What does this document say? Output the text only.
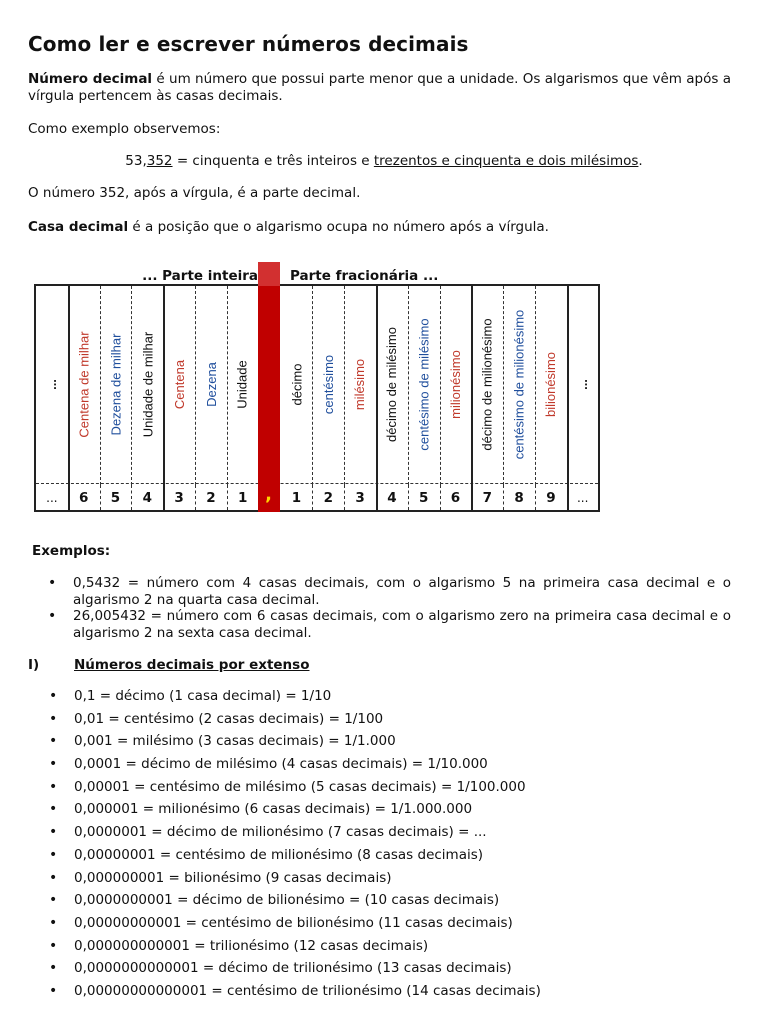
Como ler e escrever números decimais

Número decimal é um número que possui parte menor que a unidade. Os algarismos que vêm após a vírgula pertencem às casas decimais.

Como exemplo observemos:

53,352 = cinquenta e três inteiros e trezentos e cinquenta e dois milésimos.

O número 352, após a vírgula, é a parte decimal.

Casa decimal é a posição que o algarismo ocupa no número após a vírgula.

... Parte inteira	Parte fracionária ...
...
...
Centena de milhar
6
Dezena de milhar
5
Unidade de milhar
4
Centena
3
Dezena
2
Unidade
1 ,
décimo
1
centésimo
2
milésimo
3
décimo de milésimo
4
centésimo de milésimo
5
milionésimo
6
décimo de milionésimo
7
centésimo de milionésimo
8
bilionésimo
9
...
...
Exemplos:
• 0,5432 = número com 4 casas decimais, com o algarismo 5 na primeira casa decimal e o algarismo 2 na quarta casa decimal.
• 26,005432 = número com 6 casas decimais, com o algarismo zero na primeira casa decimal e o algarismo 2 na sexta casa decimal.
I)	Números decimais por extenso
• 0,1 = décimo (1 casa decimal) = 1/10
• 0,01 = centésimo (2 casas decimais) = 1/100
• 0,001 = milésimo (3 casas decimais) = 1/1.000
• 0,0001 = décimo de milésimo (4 casas decimais) = 1/10.000
• 0,00001 = centésimo de milésimo (5 casas decimais) = 1/100.000
• 0,000001 = milionésimo (6 casas decimais) = 1/1.000.000
• 0,0000001 = décimo de milionésimo (7 casas decimais) = ...
• 0,00000001 = centésimo de milionésimo (8 casas decimais)
• 0,000000001 = bilionésimo (9 casas decimais)
• 0,0000000001 = décimo de bilionésimo = (10 casas decimais)
• 0,00000000001 = centésimo de bilionésimo (11 casas decimais)
• 0,000000000001 = trilionésimo (12 casas decimais)
• 0,0000000000001 = décimo de trilionésimo (13 casas decimais)
• 0,00000000000001 = centésimo de trilionésimo (14 casas decimais)
